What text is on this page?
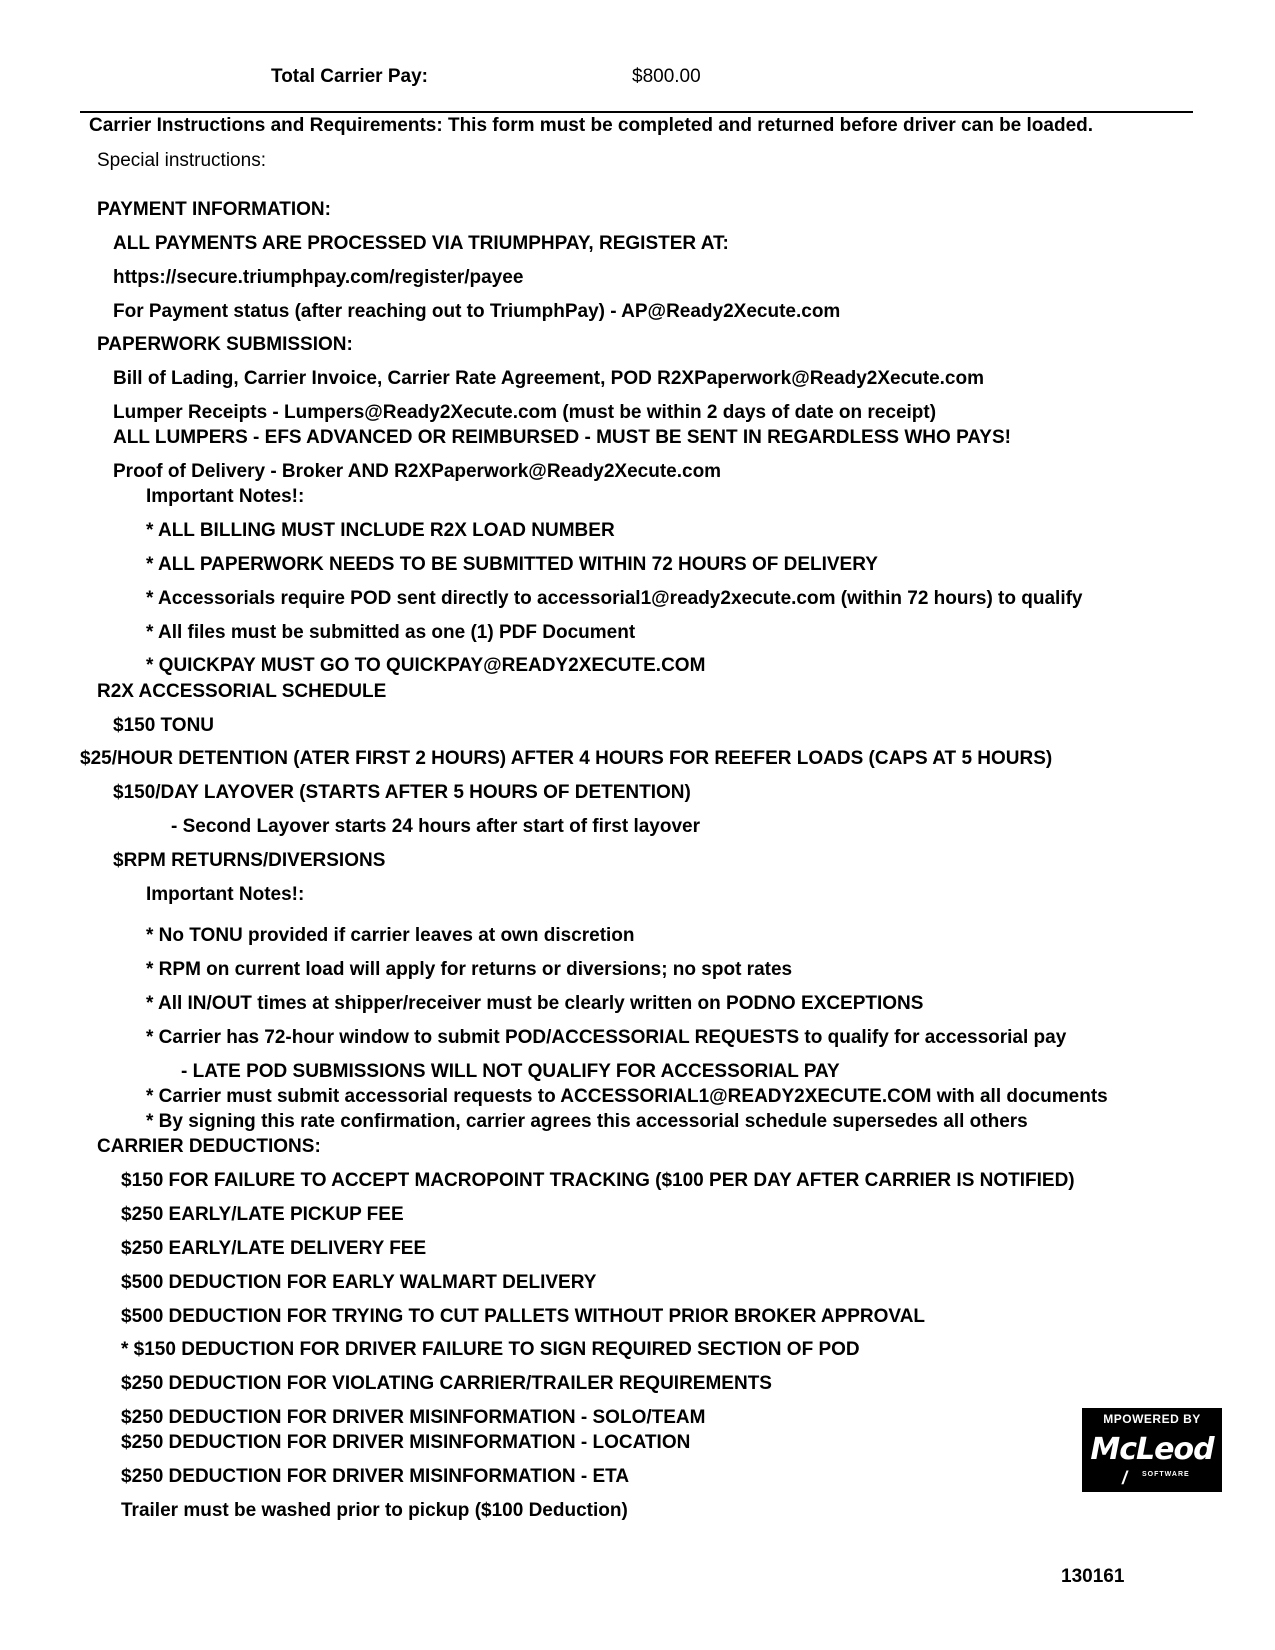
Total Carrier Pay:	$800.00
Carrier Instructions and Requirements: This form must be completed and returned before driver can be loaded.
Special instructions:
PAYMENT INFORMATION:
ALL PAYMENTS ARE PROCESSED VIA TRIUMPHPAY, REGISTER AT:
https://secure.triumphpay.com/register/payee
For Payment status (after reaching out to TriumphPay) - AP@Ready2Xecute.com
PAPERWORK SUBMISSION:
Bill of Lading, Carrier Invoice, Carrier Rate Agreement, POD R2XPaperwork@Ready2Xecute.com
Lumper Receipts - Lumpers@Ready2Xecute.com (must be within 2 days of date on receipt)
ALL LUMPERS - EFS ADVANCED OR REIMBURSED - MUST BE SENT IN REGARDLESS WHO PAYS!
Proof of Delivery - Broker AND R2XPaperwork@Ready2Xecute.com
Important Notes!:
* ALL BILLING MUST INCLUDE R2X LOAD NUMBER
* ALL PAPERWORK NEEDS TO BE SUBMITTED WITHIN 72 HOURS OF DELIVERY
* Accessorials require POD sent directly to accessorial1@ready2xecute.com (within 72 hours) to qualify
* All files must be submitted as one (1) PDF Document
* QUICKPAY MUST GO TO QUICKPAY@READY2XECUTE.COM
R2X ACCESSORIAL SCHEDULE
$150 TONU
$25/HOUR DETENTION (ATER FIRST 2 HOURS) AFTER 4 HOURS FOR REEFER LOADS (CAPS AT 5 HOURS)
$150/DAY LAYOVER (STARTS AFTER 5 HOURS OF DETENTION)
- Second Layover starts 24 hours after start of first layover
$RPM RETURNS/DIVERSIONS
Important Notes!:
* No TONU provided if carrier leaves at own discretion
* RPM on current load will apply for returns or diversions; no spot rates
* All IN/OUT times at shipper/receiver must be clearly written on PODNO EXCEPTIONS
* Carrier has 72-hour window to submit POD/ACCESSORIAL REQUESTS to qualify for accessorial pay
- LATE POD SUBMISSIONS WILL NOT QUALIFY FOR ACCESSORIAL PAY
* Carrier must submit accessorial requests to ACCESSORIAL1@READY2XECUTE.COM with all documents
* By signing this rate confirmation, carrier agrees this accessorial schedule supersedes all others
CARRIER DEDUCTIONS:
$150 FOR FAILURE TO ACCEPT MACROPOINT TRACKING ($100 PER DAY AFTER CARRIER IS NOTIFIED)
$250 EARLY/LATE PICKUP FEE
$250 EARLY/LATE DELIVERY FEE
$500 DEDUCTION FOR EARLY WALMART DELIVERY
$500 DEDUCTION FOR TRYING TO CUT PALLETS WITHOUT PRIOR BROKER APPROVAL
* $150 DEDUCTION FOR DRIVER FAILURE TO SIGN REQUIRED SECTION OF POD
$250 DEDUCTION FOR VIOLATING CARRIER/TRAILER REQUIREMENTS
$250 DEDUCTION FOR DRIVER MISINFORMATION - SOLO/TEAM
$250 DEDUCTION FOR DRIVER MISINFORMATION - LOCATION
$250 DEDUCTION FOR DRIVER MISINFORMATION - ETA
Trailer must be washed prior to pickup ($100 Deduction)
MPOWERED BY
McLeod
/ SOFTWARE
130161
